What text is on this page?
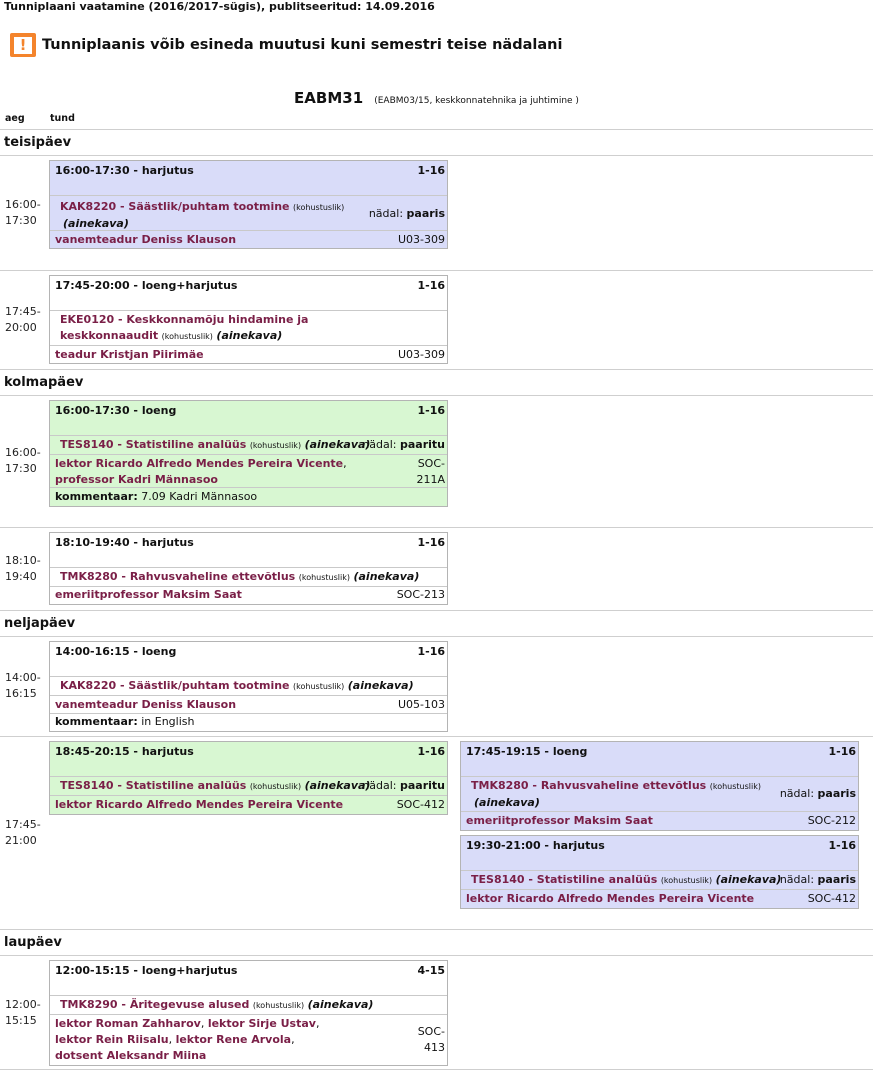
Tunniplaani vaatamine (2016/2017-sügis), publitseeritud: 14.09.2016
!	Tunniplaanis võib esineda muutusi kuni semestri teise nädalani
EABM31 (EABM03/15, keskkonnatehnika ja juhtimine )
aeg	tund
teisipäev
16:00-
17:30
16:00-17:30 - harjutus	1-16
KAK8220 - Säästlik/puhtam tootmine (kohustuslik)
(ainekava)
nädal: paaris
vanemteadur Deniss Klauson	U03-309
17:45-
20:00
17:45-20:00 - loeng+harjutus	1-16
EKE0120 - Keskkonnamõju hindamine ja
keskkonnaaudit (kohustuslik) (ainekava)
teadur Kristjan Piirimäe	U03-309
kolmapäev
16:00-
17:30
16:00-17:30 - loeng	1-16
TES8140 - Statistiline analüüs (kohustuslik) (ainekava)
nädal: paaritu
lektor Ricardo Alfredo Mendes Pereira Vicente,
professor Kadri Männasoo
SOC-
211A
kommentaar: 7.09 Kadri Männasoo
18:10-
19:40
18:10-19:40 - harjutus	1-16
TMK8280 - Rahvusvaheline ettevõtlus (kohustuslik) (ainekava)
emeriitprofessor Maksim Saat	SOC-213
neljapäev
14:00-
16:15
14:00-16:15 - loeng	1-16
KAK8220 - Säästlik/puhtam tootmine (kohustuslik) (ainekava)
vanemteadur Deniss Klauson	U05-103
kommentaar: in English
17:45-
21:00
18:45-20:15 - harjutus	1-16
TES8140 - Statistiline analüüs (kohustuslik) (ainekava)
nädal: paaritu
lektor Ricardo Alfredo Mendes Pereira Vicente	SOC-412
17:45-19:15 - loeng	1-16
TMK8280 - Rahvusvaheline ettevõtlus (kohustuslik)
(ainekava)
nädal: paaris
emeriitprofessor Maksim Saat	SOC-212
19:30-21:00 - harjutus	1-16
TES8140 - Statistiline analüüs (kohustuslik) (ainekava)
nädal: paaris
lektor Ricardo Alfredo Mendes Pereira Vicente	SOC-412
laupäev
12:00-
15:15
12:00-15:15 - loeng+harjutus	4-15
TMK8290 - Äritegevuse alused (kohustuslik) (ainekava)
lektor Roman Zahharov, lektor Sirje Ustav,
lektor Rein Riisalu, lektor Rene Arvola,
dotsent Aleksandr Miina
SOC-
413
